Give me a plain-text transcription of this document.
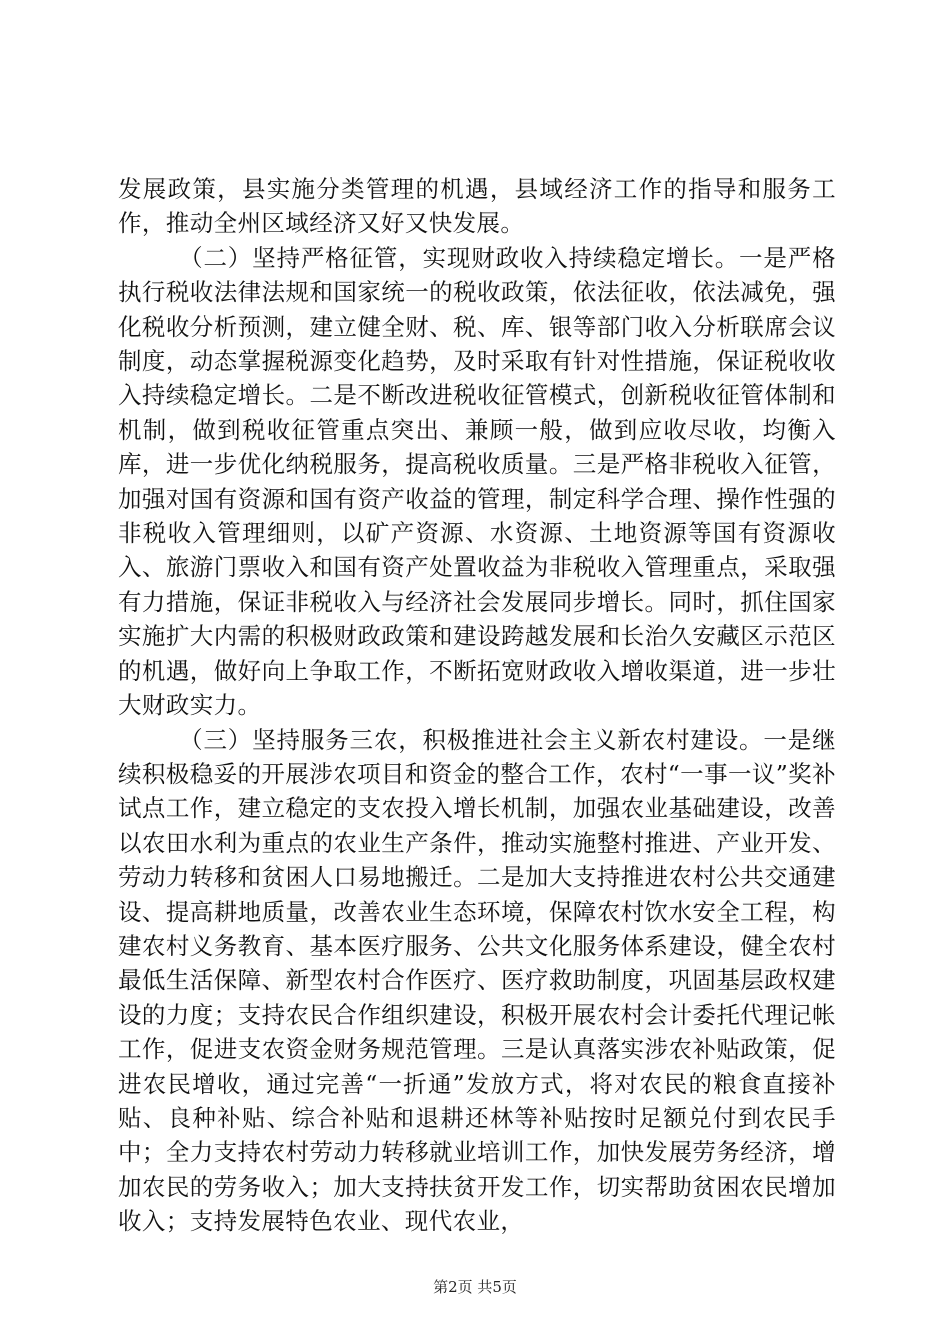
发展政策，县实施分类管理的机遇，县域经济工作的指导和服务工作，推动全州区域经济又好又快发展。

（二）坚持严格征管，实现财政收入持续稳定增长。一是严格执行税收法律法规和国家统一的税收政策，依法征收，依法减免，强化税收分析预测，建立健全财、税、库、银等部门收入分析联席会议制度，动态掌握税源变化趋势，及时采取有针对性措施，保证税收收入持续稳定增长。二是不断改进税收征管模式，创新税收征管体制和机制，做到税收征管重点突出、兼顾一般，做到应收尽收，均衡入库，进一步优化纳税服务，提高税收质量。三是严格非税收入征管，加强对国有资源和国有资产收益的管理，制定科学合理、操作性强的非税收入管理细则，以矿产资源、水资源、土地资源等国有资源收入、旅游门票收入和国有资产处置收益为非税收入管理重点，采取强有力措施，保证非税收入与经济社会发展同步增长。同时，抓住国家实施扩大内需的积极财政政策和建设跨越发展和长治久安藏区示范区的机遇，做好向上争取工作，不断拓宽财政收入增收渠道，进一步壮大财政实力。

（三）坚持服务三农，积极推进社会主义新农村建设。一是继续积极稳妥的开展涉农项目和资金的整合工作，农村“一事一议”奖补试点工作，建立稳定的支农投入增长机制，加强农业基础建设，改善以农田水利为重点的农业生产条件，推动实施整村推进、产业开发、劳动力转移和贫困人口易地搬迁。二是加大支持推进农村公共交通建设、提高耕地质量，改善农业生态环境，保障农村饮水安全工程，构建农村义务教育、基本医疗服务、公共文化服务体系建设，健全农村最低生活保障、新型农村合作医疗、医疗救助制度，巩固基层政权建设的力度；支持农民合作组织建设，积极开展农村会计委托代理记帐工作，促进支农资金财务规范管理。三是认真落实涉农补贴政策，促进农民增收，通过完善“一折通”发放方式，将对农民的粮食直接补贴、良种补贴、综合补贴和退耕还林等补贴按时足额兑付到农民手中；全力支持农村劳动力转移就业培训工作，加快发展劳务经济，增加农民的劳务收入；加大支持扶贫开发工作，切实帮助贫困农民增加收入；支持发展特色农业、现代农业，

第2页 共5页
